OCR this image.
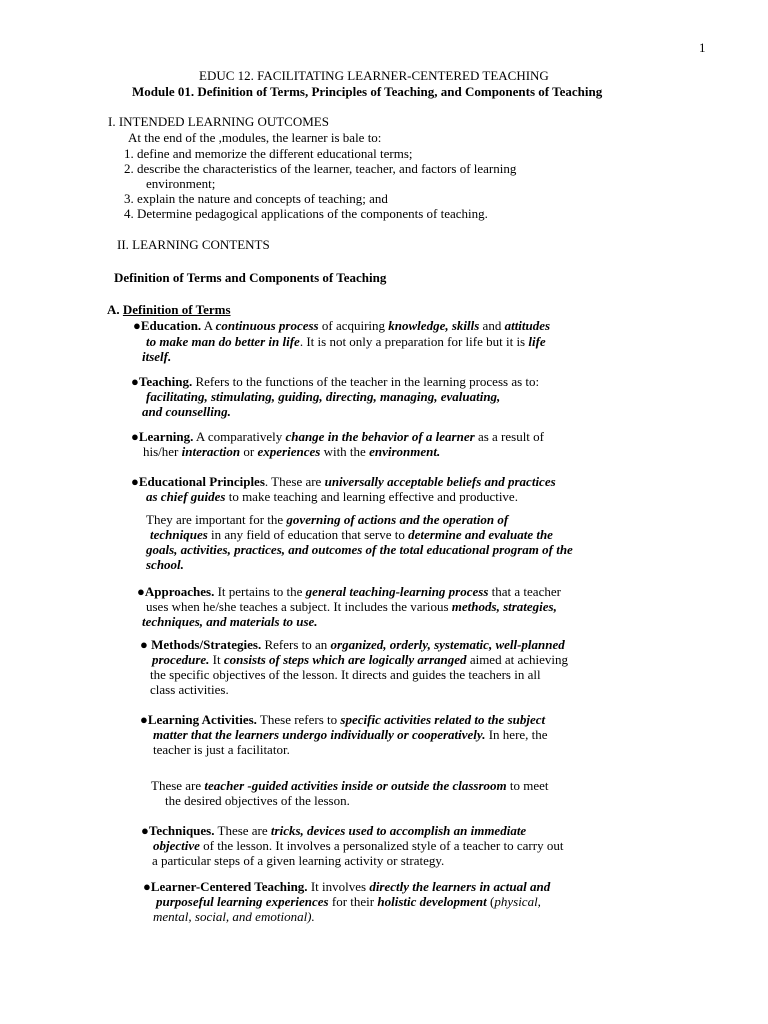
1
EDUC 12. FACILITATING LEARNER-CENTERED TEACHING
Module 01. Definition of Terms, Principles of Teaching, and Components of Teaching
I. INTENDED LEARNING OUTCOMES
At the end of the ,modules, the learner is bale to:
1. define and memorize the different educational terms;
2. describe the characteristics of the learner, teacher, and factors of learning
environment;
3. explain the nature and concepts of teaching; and
4. Determine pedagogical applications of the components of teaching.
II. LEARNING CONTENTS
Definition of Terms and Components of Teaching
A. Definition of Terms
●Education. A continuous process of acquiring knowledge, skills and attitudes
to make man do better in life. It is not only a preparation for life but it is life
itself.
●Teaching. Refers to the functions of the teacher in the learning process as to:
facilitating, stimulating, guiding, directing, managing, evaluating,
and counselling.
●Learning. A comparatively change in the behavior of a learner as a result of
his/her interaction or experiences with the environment.
●Educational Principles. These are universally acceptable beliefs and practices
as chief guides to make teaching and learning effective and productive.
They are important for the governing of actions and the operation of
techniques in any field of education that serve to determine and evaluate the
goals, activities, practices, and outcomes of the total educational program of the
school.
●Approaches. It pertains to the general teaching-learning process that a teacher
uses when he/she teaches a subject. It includes the various methods, strategies,
techniques, and materials to use.
● Methods/Strategies. Refers to an organized, orderly, systematic, well-planned
procedure. It consists of steps which are logically arranged aimed at achieving
the specific objectives of the lesson. It directs and guides the teachers in all
class activities.
●Learning Activities. These refers to specific activities related to the subject
matter that the learners undergo individually or cooperatively. In here, the
teacher is just a facilitator.
These are teacher -guided activities inside or outside the classroom to meet
the desired objectives of the lesson.
●Techniques. These are tricks, devices used to accomplish an immediate
objective of the lesson. It involves a personalized style of a teacher to carry out
a particular steps of a given learning activity or strategy.
●Learner-Centered Teaching. It involves directly the learners in actual and
purposeful learning experiences for their holistic development (physical,
mental, social, and emotional).
